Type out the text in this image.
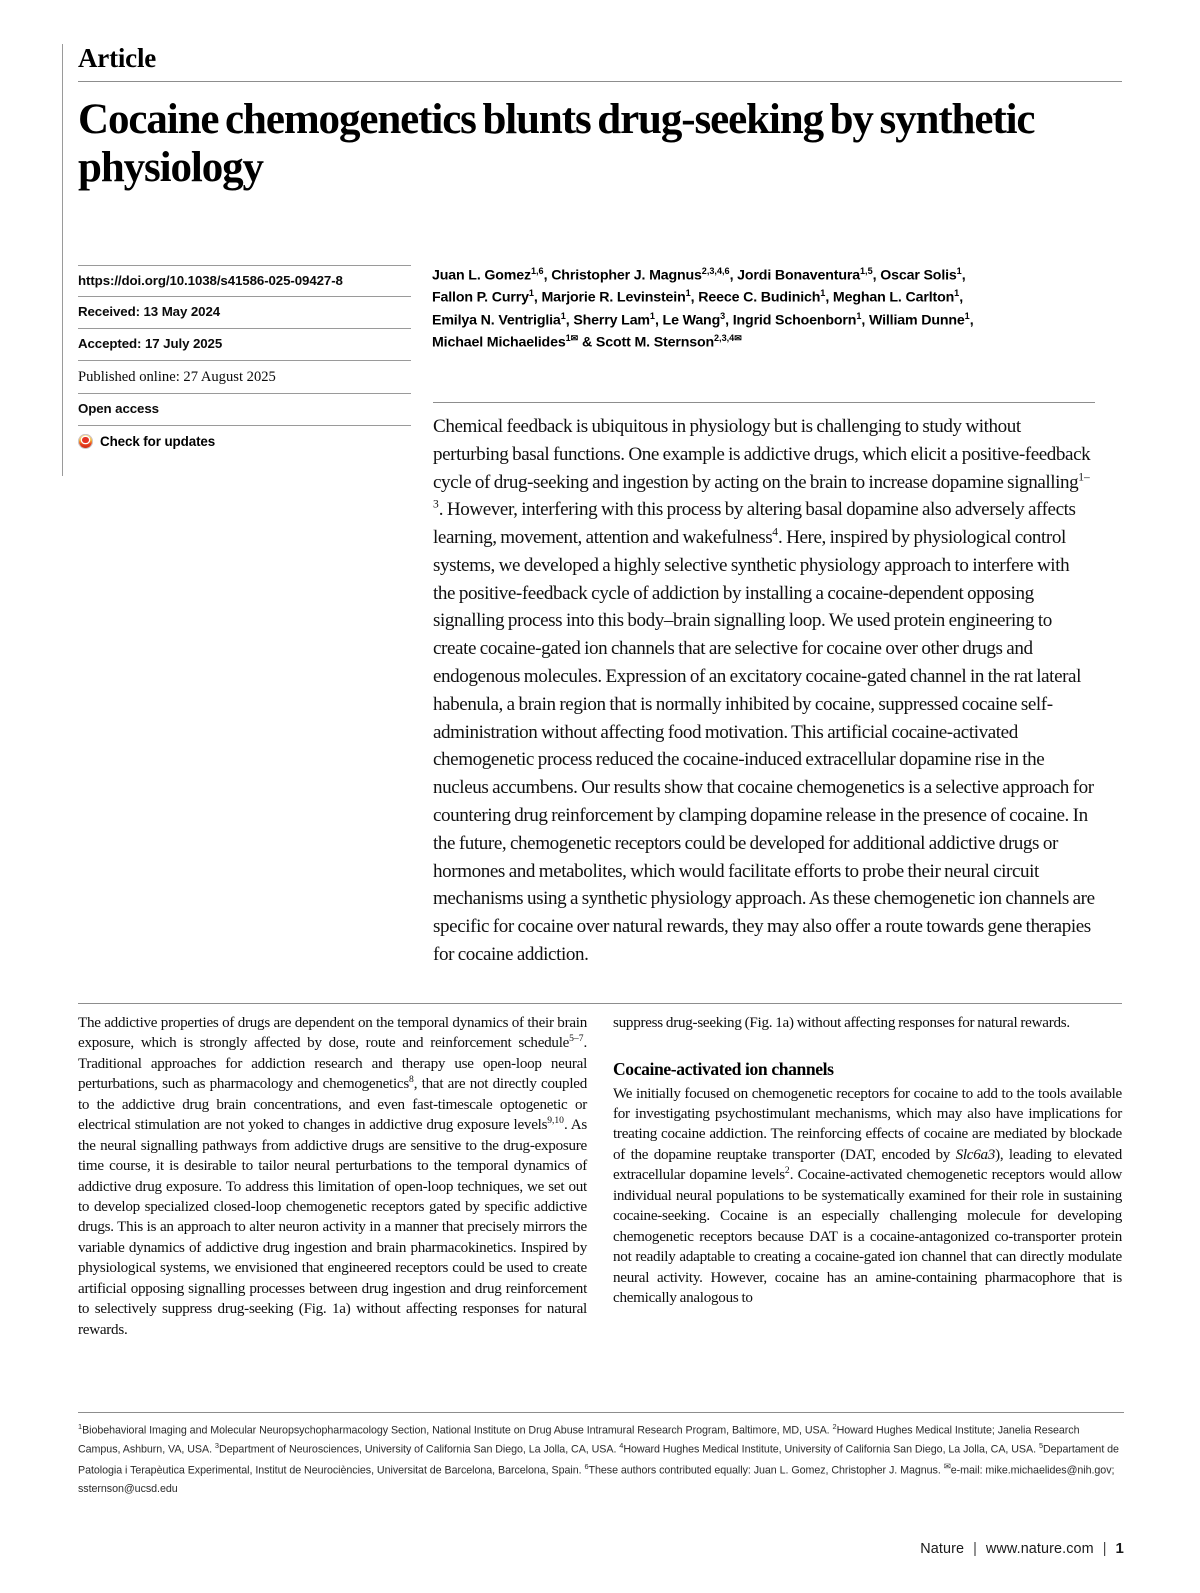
Article
Cocaine chemogenetics blunts drug-seeking by synthetic physiology
https://doi.org/10.1038/s41586-025-09427-8
Received: 13 May 2024
Accepted: 17 July 2025
Published online: 27 August 2025
Open access
Check for updates
Juan L. Gomez$^{1,6}$, Christopher J. Magnus$^{2,3,4,6}$, Jordi Bonaventura$^{1,5}$, Oscar Solis$^1$,
Fallon P. Curry$^1$, Marjorie R. Levinstein$^1$, Reece C. Budinich$^1$, Meghan L. Carlton$^1$,
Emilya N. Ventriglia$^1$, Sherry Lam$^1$, Le Wang$^3$, Ingrid Schoenborn$^1$, William Dunne$^1$,
Michael Michaelides$^{1✉}$ & Scott M. Sternson$^{2,3,4✉}$
Chemical feedback is ubiquitous in physiology but is challenging to study without perturbing basal functions. One example is addictive drugs, which elicit a positive-feedback cycle of drug-seeking and ingestion by acting on the brain to increase dopamine signalling$^{1-3}$. However, interfering with this process by altering basal dopamine also adversely affects learning, movement, attention and wakefulness$^4$. Here, inspired by physiological control systems, we developed a highly selective synthetic physiology approach to interfere with the positive-feedback cycle of addiction by installing a cocaine-dependent opposing signalling process into this body–brain signalling loop. We used protein engineering to create cocaine-gated ion channels that are selective for cocaine over other drugs and endogenous molecules. Expression of an excitatory cocaine-gated channel in the rat lateral habenula, a brain region that is normally inhibited by cocaine, suppressed cocaine self-administration without affecting food motivation. This artificial cocaine-activated chemogenetic process reduced the cocaine-induced extracellular dopamine rise in the nucleus accumbens. Our results show that cocaine chemogenetics is a selective approach for countering drug reinforcement by clamping dopamine release in the presence of cocaine. In the future, chemogenetic receptors could be developed for additional addictive drugs or hormones and metabolites, which would facilitate efforts to probe their neural circuit mechanisms using a synthetic physiology approach. As these chemogenetic ion channels are specific for cocaine over natural rewards, they may also offer a route towards gene therapies for cocaine addiction.

The addictive properties of drugs are dependent on the temporal dynamics of their brain exposure, which is strongly affected by dose, route and reinforcement schedule$^{5-7}$. Traditional approaches for addiction research and therapy use open-loop neural perturbations, such as pharmacology and chemogenetics$^8$, that are not directly coupled to the addictive drug brain concentrations, and even fast-timescale optogenetic or electrical stimulation are not yoked to changes in addictive drug exposure levels$^{9,10}$. As the neural signalling pathways from addictive drugs are sensitive to the drug-exposure time course, it is desirable to tailor neural perturbations to the temporal dynamics of addictive drug exposure. To address this limitation of open-loop techniques, we set out to develop specialized closed-loop chemogenetic receptors gated by specific addictive drugs. This is an approach to alter neuron activity in a manner that precisely mirrors the variable dynamics of addictive drug ingestion and brain pharmacokinetics. Inspired by physiological systems, we envisioned that engineered receptors could be used to create artificial opposing signalling processes between drug ingestion and drug reinforcement to selectively suppress drug-seeking (Fig. 1a) without affecting responses for natural rewards.

suppress drug-seeking (Fig. 1a) without affecting responses for natural rewards.

Cocaine-activated ion channels

We initially focused on chemogenetic receptors for cocaine to add to the tools available for investigating psychostimulant mechanisms, which may also have implications for treating cocaine addiction. The reinforcing effects of cocaine are mediated by blockade of the dopamine reuptake transporter (DAT, encoded by Slc6a3), leading to elevated extracellular dopamine levels$^2$. Cocaine-activated chemogenetic receptors would allow individual neural populations to be systematically examined for their role in sustaining cocaine-seeking. Cocaine is an especially challenging molecule for developing chemogenetic receptors because DAT is a cocaine-antagonized co-transporter protein not readily adaptable to creating a cocaine-gated ion channel that can directly modulate neural activity. However, cocaine has an amine-containing pharmacophore that is chemically analogous to

$^1$Biobehavioral Imaging and Molecular Neuropsychopharmacology Section, National Institute on Drug Abuse Intramural Research Program, Baltimore, MD, USA. $^2$Howard Hughes Medical Institute; Janelia Research Campus, Ashburn, VA, USA. $^3$Department of Neurosciences, University of California San Diego, La Jolla, CA, USA. $^4$Howard Hughes Medical Institute, University of California San Diego, La Jolla, CA, USA. $^5$Departament de Patologia i Terapèutica Experimental, Institut de Neurociències, Universitat de Barcelona, Barcelona, Spain. $^6$These authors contributed equally: Juan L. Gomez, Christopher J. Magnus. ✉e-mail: mike.michaelides@nih.gov; ssternson@ucsd.edu
Nature | www.nature.com | 1
